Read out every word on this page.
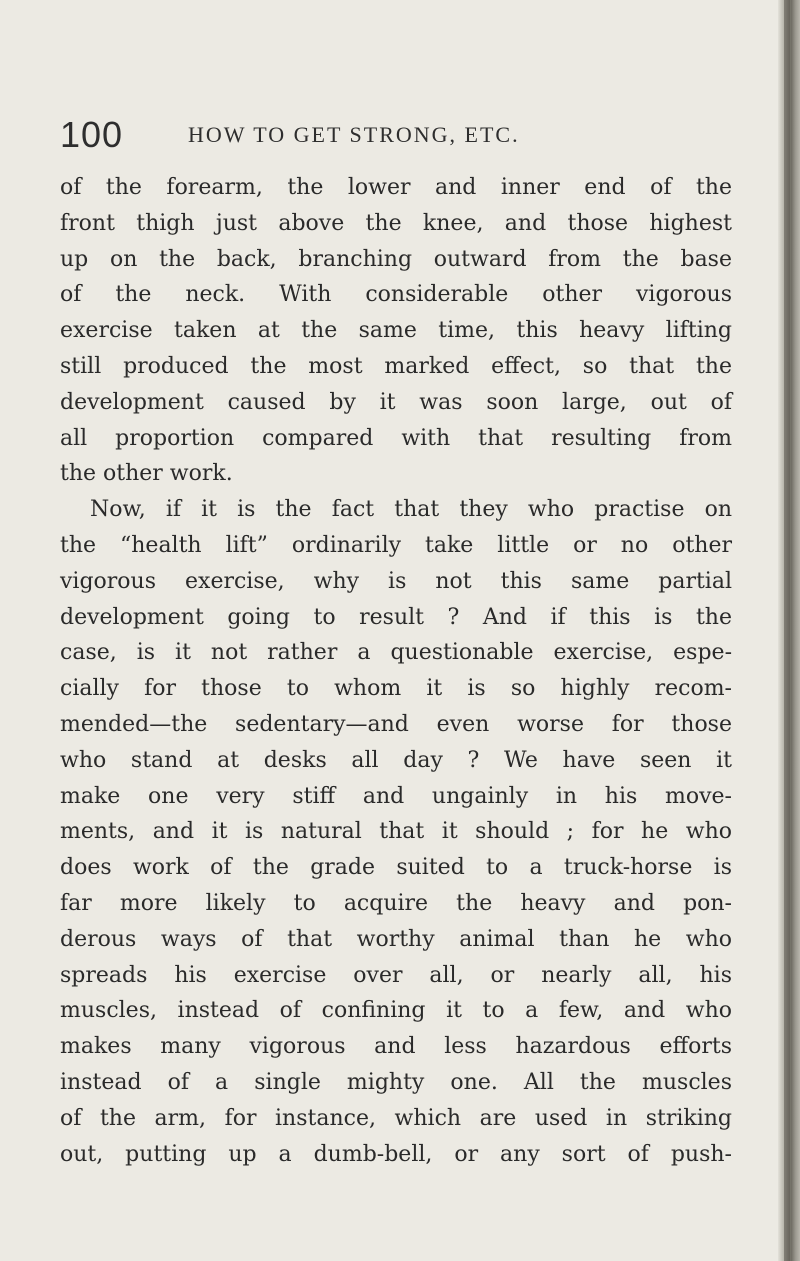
100	HOW TO GET STRONG, ETC.
of the forearm, the lower and inner end of the
front thigh just above the knee, and those highest
up on the back, branching outward from the base
of the neck. With considerable other vigorous
exercise taken at the same time, this heavy lifting
still produced the most marked effect, so that the
development caused by it was soon large, out of
all proportion compared with that resulting from
the other work.
Now, if it is the fact that they who practise on
the “health lift” ordinarily take little or no other
vigorous exercise, why is not this same partial
development going to result ? And if this is the
case, is it not rather a questionable exercise, espe-
cially for those to whom it is so highly recom-
mended—the sedentary—and even worse for those
who stand at desks all day ? We have seen it
make one very stiff and ungainly in his move-
ments, and it is natural that it should ; for he who
does work of the grade suited to a truck-horse is
far more likely to acquire the heavy and pon-
derous ways of that worthy animal than he who
spreads his exercise over all, or nearly all, his
muscles, instead of confining it to a few, and who
makes many vigorous and less hazardous efforts
instead of a single mighty one. All the muscles
of the arm, for instance, which are used in striking
out, putting up a dumb-bell, or any sort of push-
